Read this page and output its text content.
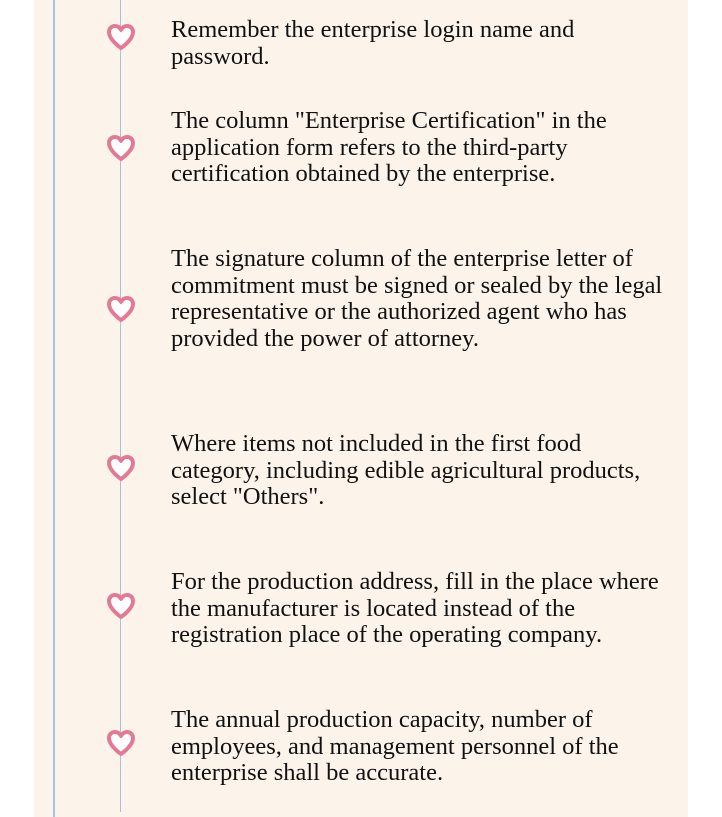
Remember the enterprise login name and password.

The column "Enterprise Certification" in the application form refers to the third-party certification obtained by the enterprise.

The signature column of the enterprise letter of commitment must be signed or sealed by the legal representative or the authorized agent who has provided the power of attorney.

Where items not included in the first food category, including edible agricultural products, select "Others".

For the production address, fill in the place where the manufacturer is located instead of the registration place of the operating company.

The annual production capacity, number of employees, and management personnel of the enterprise shall be accurate.
